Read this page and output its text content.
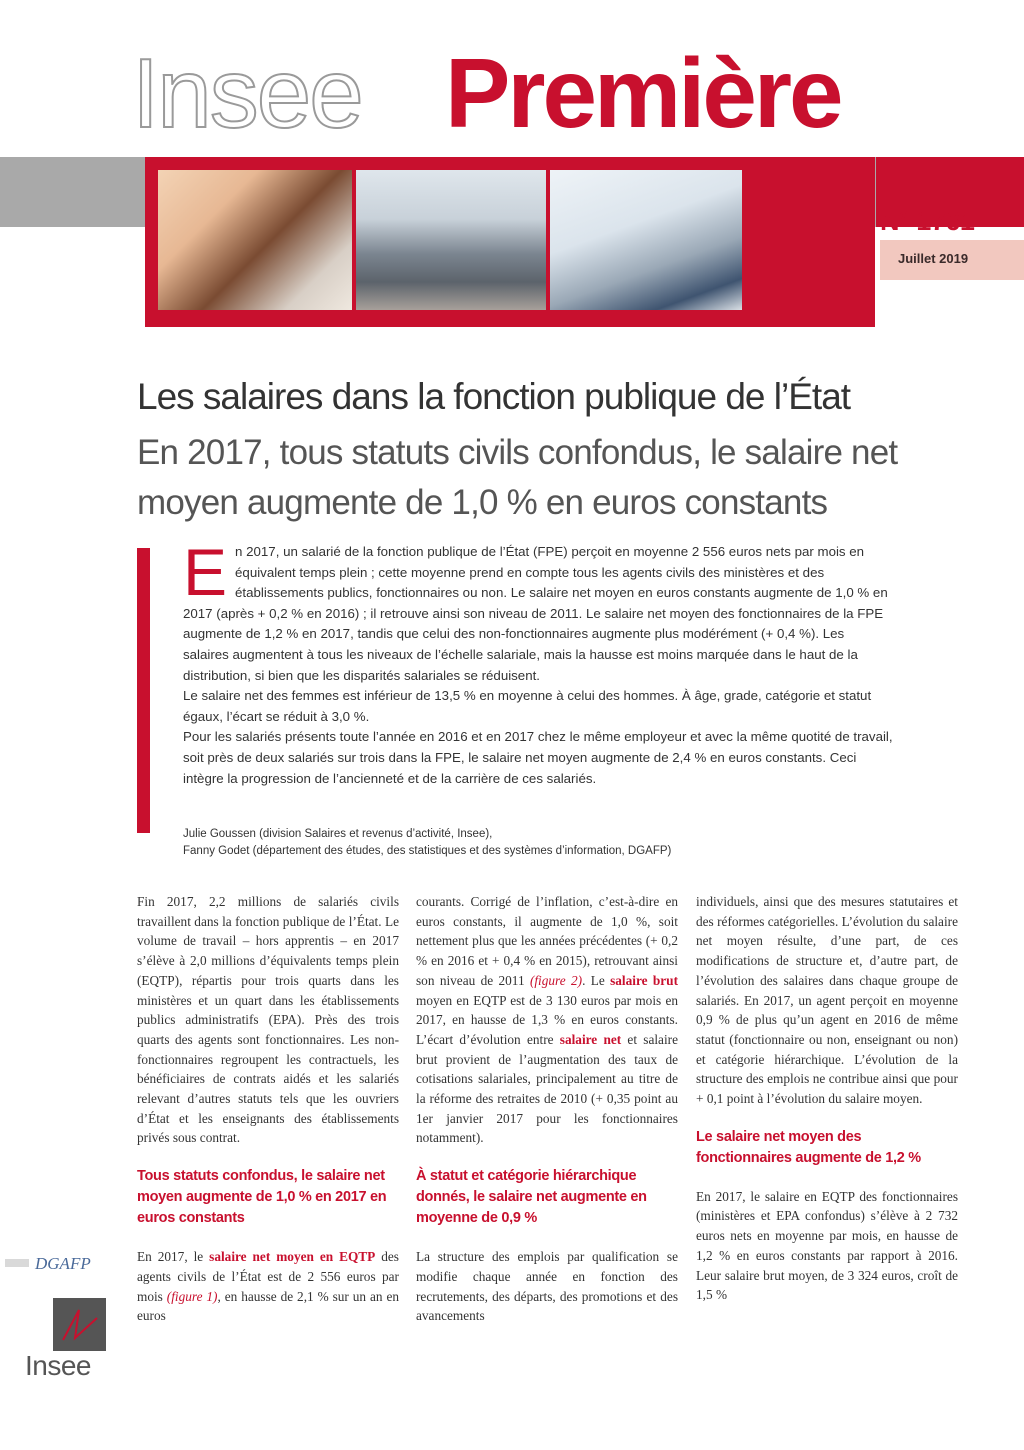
Insee Première
N° 1761
Juillet 2019
Les salaires dans la fonction publique de l’État
En 2017, tous statuts civils confondus, le salaire net moyen augmente de 1,0 % en euros constants

En 2017, un salarié de la fonction publique de l’État (FPE) perçoit en moyenne 2 556 euros nets par mois en équivalent temps plein ; cette moyenne prend en compte tous les agents civils des ministères et des établissements publics, fonctionnaires ou non. Le salaire net moyen en euros constants augmente de 1,0 % en 2017 (après + 0,2 % en 2016) ; il retrouve ainsi son niveau de 2011. Le salaire net moyen des fonctionnaires de la FPE augmente de 1,2 % en 2017, tandis que celui des non-fonctionnaires augmente plus modérément (+ 0,4 %). Les salaires augmentent à tous les niveaux de l’échelle salariale, mais la hausse est moins marquée dans le haut de la distribution, si bien que les disparités salariales se réduisent.

Le salaire net des femmes est inférieur de 13,5 % en moyenne à celui des hommes. À âge, grade, catégorie et statut égaux, l’écart se réduit à 3,0 %.

Pour les salariés présents toute l’année en 2016 et en 2017 chez le même employeur et avec la même quotité de travail, soit près de deux salariés sur trois dans la FPE, le salaire net moyen augmente de 2,4 % en euros constants. Ceci intègre la progression de l’ancienneté et de la carrière de ces salariés.

Julie Goussen (division Salaires et revenus d’activité, Insee),
Fanny Godet (département des études, des statistiques et des systèmes d’information, DGAFP)

Fin 2017, 2,2 millions de salariés civils travaillent dans la fonction publique de l’État. Le volume de travail – hors apprentis – en 2017 s’élève à 2,0 millions d’équivalents temps plein (EQTP), répartis pour trois quarts dans les ministères et un quart dans les établissements publics administratifs (EPA). Près des trois quarts des agents sont fonctionnaires. Les non-fonctionnaires regroupent les contractuels, les bénéficiaires de contrats aidés et les salariés relevant d’autres statuts tels que les ouvriers d’État et les enseignants des établissements privés sous contrat.

Tous statuts confondus, le salaire net moyen augmente de 1,0 % en 2017 en euros constants

En 2017, le salaire net moyen en EQTP des agents civils de l’État est de 2 556 euros par mois (figure 1), en hausse de 2,1 % sur un an en euros

courants. Corrigé de l’inflation, c’est-à-dire en euros constants, il augmente de 1,0 %, soit nettement plus que les années précédentes (+ 0,2 % en 2016 et + 0,4 % en 2015), retrouvant ainsi son niveau de 2011 (figure 2). Le salaire brut moyen en EQTP est de 3 130 euros par mois en 2017, en hausse de 1,3 % en euros constants. L’écart d’évolution entre salaire net et salaire brut provient de l’augmentation des taux de cotisations salariales, principalement au titre de la réforme des retraites de 2010 (+ 0,35 point au 1er janvier 2017 pour les fonctionnaires notamment).

À statut et catégorie hiérarchique donnés, le salaire net augmente en moyenne de 0,9 %

La structure des emplois par qualification se modifie chaque année en fonction des recrutements, des départs, des promotions et des avancements

individuels, ainsi que des mesures statutaires et des réformes catégorielles. L’évolution du salaire net moyen résulte, d’une part, de ces modifications de structure et, d’autre part, de l’évolution des salaires dans chaque groupe de salariés. En 2017, un agent perçoit en moyenne 0,9 % de plus qu’un agent en 2016 de même statut (fonctionnaire ou non, enseignant ou non) et catégorie hiérarchique. L’évolution de la structure des emplois ne contribue ainsi que pour + 0,1 point à l’évolution du salaire moyen.

Le salaire net moyen des fonctionnaires augmente de 1,2 %

En 2017, le salaire en EQTP des fonctionnaires (ministères et EPA confondus) s’élève à 2 732 euros nets en moyenne par mois, en hausse de 1,2 % en euros constants par rapport à 2016. Leur salaire brut moyen, de 3 324 euros, croît de 1,5 %

DGAFP
Insee
